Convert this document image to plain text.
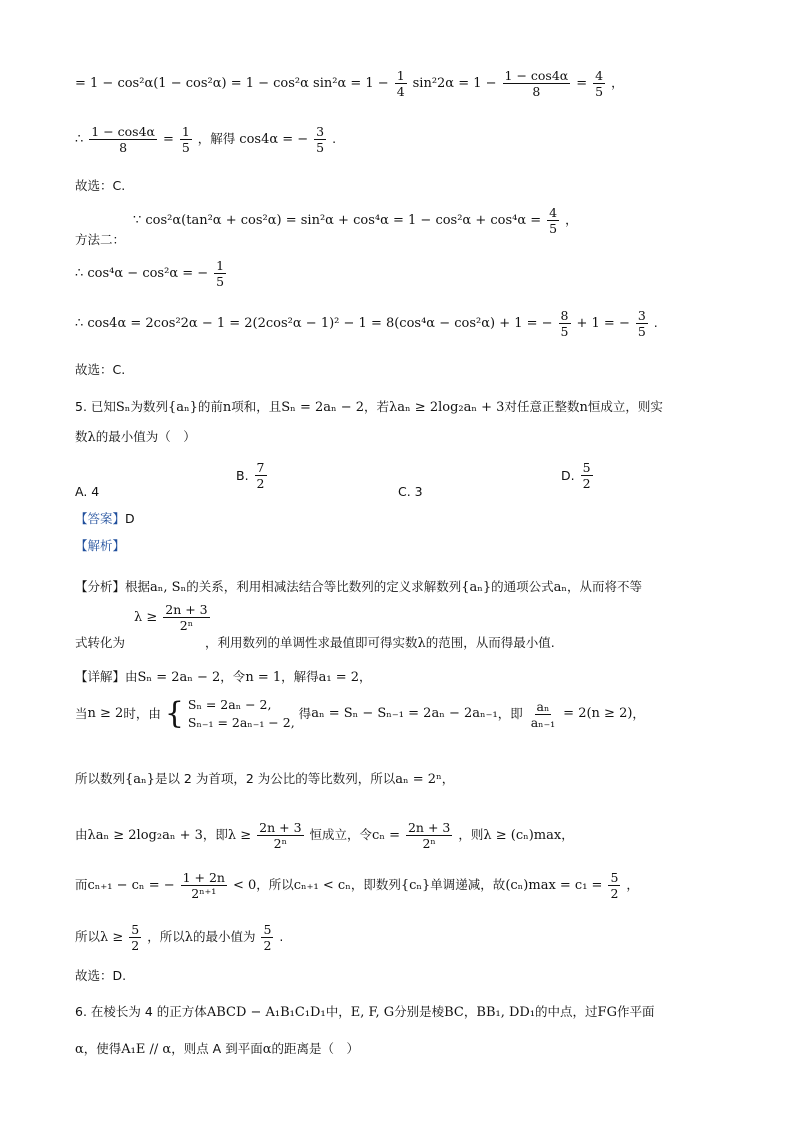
= 1 − cos²α(1 − cos²α) = 1 − cos²α $\sin^2\alpha = 1 - \frac{1}{4} \sin^22\alpha = 1 - \frac{1 - \cos 4\alpha}{8} = \frac{4}{5}$ ，
∴ $\frac{1 - \cos 4\alpha}{8} = \frac{1}{5}$ ，解得 cos4α = − $\frac{3}{5}$ .
故选：C.
∵ $\cos^2\alpha(\tan^2\alpha + \cos^2\alpha) = \sin^2\alpha + \cos^4\alpha = 1 - \cos^2\alpha + \cos^4\alpha = \frac{4}{5}$ ，
方法二：
∴ cos⁴α − cos²α = − $\frac{1}{5}$
∴ cos4α = 2cos²2α − 1 = 2(2cos²α − 1)² − 1 = 8(cos⁴α − cos²α) + 1 = − $\frac{8}{5} + 1$ = − $\frac{3}{5}$ .
故选：C.
5. 已知Sₙ为数列{aₙ}的前n项和，且Sₙ = 2aₙ − 2，若λaₙ ≥ 2log₂aₙ + 3对任意正整数n恒成立，则实
数λ的最小值为（　）
A. 4
B. $\frac{7}{2}$
C. 3
D. $\frac{5}{2}$
【答案】D
【解析】
【分析】根据aₙ, Sₙ的关系，利用相减法结合等比数列的定义求解数列{aₙ}的通项公式aₙ，从而将不等
$\lambda \ge \frac{2n + 3}{\text{2ⁿ}}$
式转化为	，利用数列的单调性求最值即可得实数λ的范围，从而得最小值.
【详解】由Sₙ = 2aₙ − 2，令n = 1，解得a₁ = 2，
当n ≥ 2时，由 { Sₙ = 2aₙ − 2,
Sₙ₋₁ = 2aₙ₋₁ − 2,
得aₙ = Sₙ − Sₙ₋₁ = 2aₙ − 2aₙ₋₁，即 $\frac{\text{aₙ}}{\text{aₙ₋₁}} = 2(n \ge 2)$，
所以数列{aₙ}是以 2 为首项，2 为公比的等比数列，所以aₙ = 2ⁿ，
由λaₙ ≥ 2log₂aₙ + 3，即$\lambda \ge \frac{2n + 3}{\text{2ⁿ}}$ 恒成立，令$c_n = \frac{2n + 3}{\text{2ⁿ}}$ ，则λ ≥ (cₙ)max，
而cₙ₊₁ − cₙ = − $\frac{1 + 2n}{\text{2ⁿ⁺¹}} < 0$，所以cₙ₊₁ < cₙ，即数列{cₙ}单调递减，故$(c_n)\max = c_1 = \frac{5}{2}$ ，
所以$\lambda \ge \frac{5}{2}$ ，所以λ的最小值为 $\frac{5}{2}$ .
故选：D.
6. 在棱长为 4 的正方体ABCD − A₁B₁C₁D₁中，E, F, G分别是棱BC，BB₁, DD₁的中点，过FG作平面
α，使得A₁E // α，则点 A 到平面α的距离是（　）
